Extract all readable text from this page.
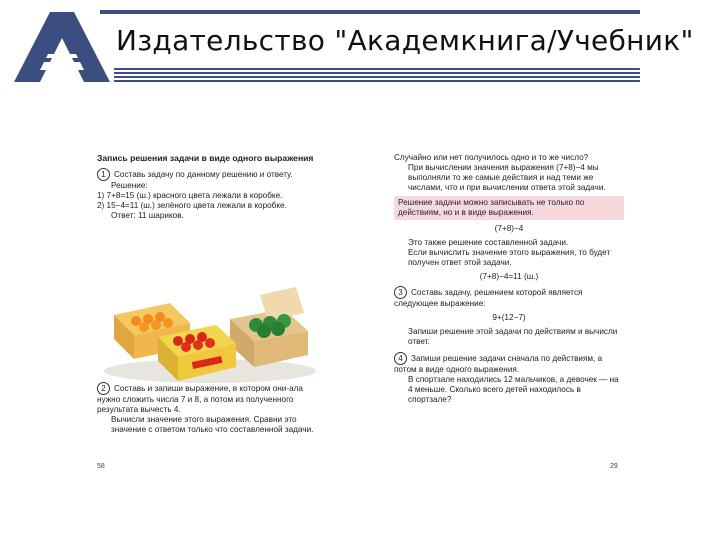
Издательство "Академкнига/Учебник"

Запись решения задачи в виде одного выражения

1 Составь задачу по данному решению и ответу.

Решение:

1) 7+8=15 (ш.) красного цвета лежали в коробке.

2) 15−4=11 (ш.) зелёного цвета лежали в коробке.

Ответ: 11 шариков.

2 Составь и запиши выражение, в котором они-ала нужно сложить числа 7 и 8, а потом из полученного результата вычесть 4.

Вычисли значение этого выражения. Сравни это значение с ответом только что составленной задачи.

58

Случайно или нет получилось одно и то же число?

При вычислении значения выражения (7+8)−4 мы выполняли то же самые действия и над теми же числами, что и при вычислении ответа этой задачи.

Решение задачи можно записывать не только по действиям, но и в виде выражения.

(7+8)−4

Это также решение составленной задачи.

Если вычислить значение этого выражения, то будет получен ответ этой задачи.

(7+8)−4=11 (ш.)

3 Составь задачу, решением которой является следующее выражение:

9+(12−7)

Запиши решение этой задачи по действиям и вычисли ответ.

4 Запиши решение задачи сначала по действиям, а потом в виде одного выражения.

В спортзале находились 12 мальчиков, а девочек — на 4 меньше. Сколько всего детей находилось в спортзале?

29
